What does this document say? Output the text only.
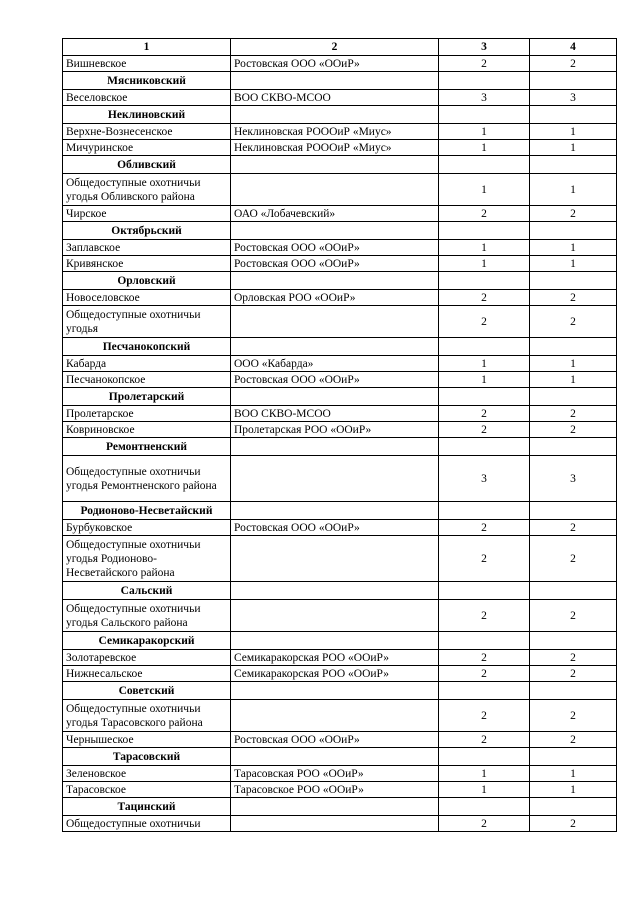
1	2	3	4
Вишневское	Ростовская ООО «ООиР»	2	2
Мясниковский			
Веселовское	ВОО СКВО-МСОО	3	3
Неклиновский			
Верхне-Вознесенское	Неклиновская РОООиР «Миус»	1	1
Мичуринское	Неклиновская РОООиР «Миус»	1	1
Обливский			
Общедоступные охотничьи угодья Обливского района		1	1
Чирское	ОАО «Лобачевский»	2	2
Октябрьский			
Заплавское	Ростовская ООО «ООиР»	1	1
Кривянское	Ростовская ООО «ООиР»	1	1
Орловский			
Новоселовское	Орловская РОО «ООиР»	2	2
Общедоступные охотничьи угодья		2	2
Песчанокопский			
Кабарда	ООО «Кабарда»	1	1
Песчанокопское	Ростовская ООО «ООиР»	1	1
Пролетарский			
Пролетарское	ВОО СКВО-МСОО	2	2
Ковриновское	Пролетарская РОО «ООиР»	2	2
Ремонтненский			
Общедоступные охотничьи угодья Ремонтненского района		3	3
Родионово-Несветайский			
Бурбуковское	Ростовская ООО «ООиР»	2	2
Общедоступные охотничьи угодья Родионово-Несветайского района		2	2
Сальский			
Общедоступные охотничьи угодья Сальского района		2	2
Семикаракорский			
Золотаревское	Семикаракорская РОО «ООиР»	2	2
Нижнесальское	Семикаракорская РОО «ООиР»	2	2
Советский			
Общедоступные охотничьи угодья Тарасовского района		2	2
Чернышеское	Ростовская ООО «ООиР»	2	2
Тарасовский			
Зеленовское	Тарасовская РОО «ООиР»	1	1
Тарасовское	Тарасовское РОО «ООиР»	1	1
Тацинский			
Общедоступные охотничьи		2	2
